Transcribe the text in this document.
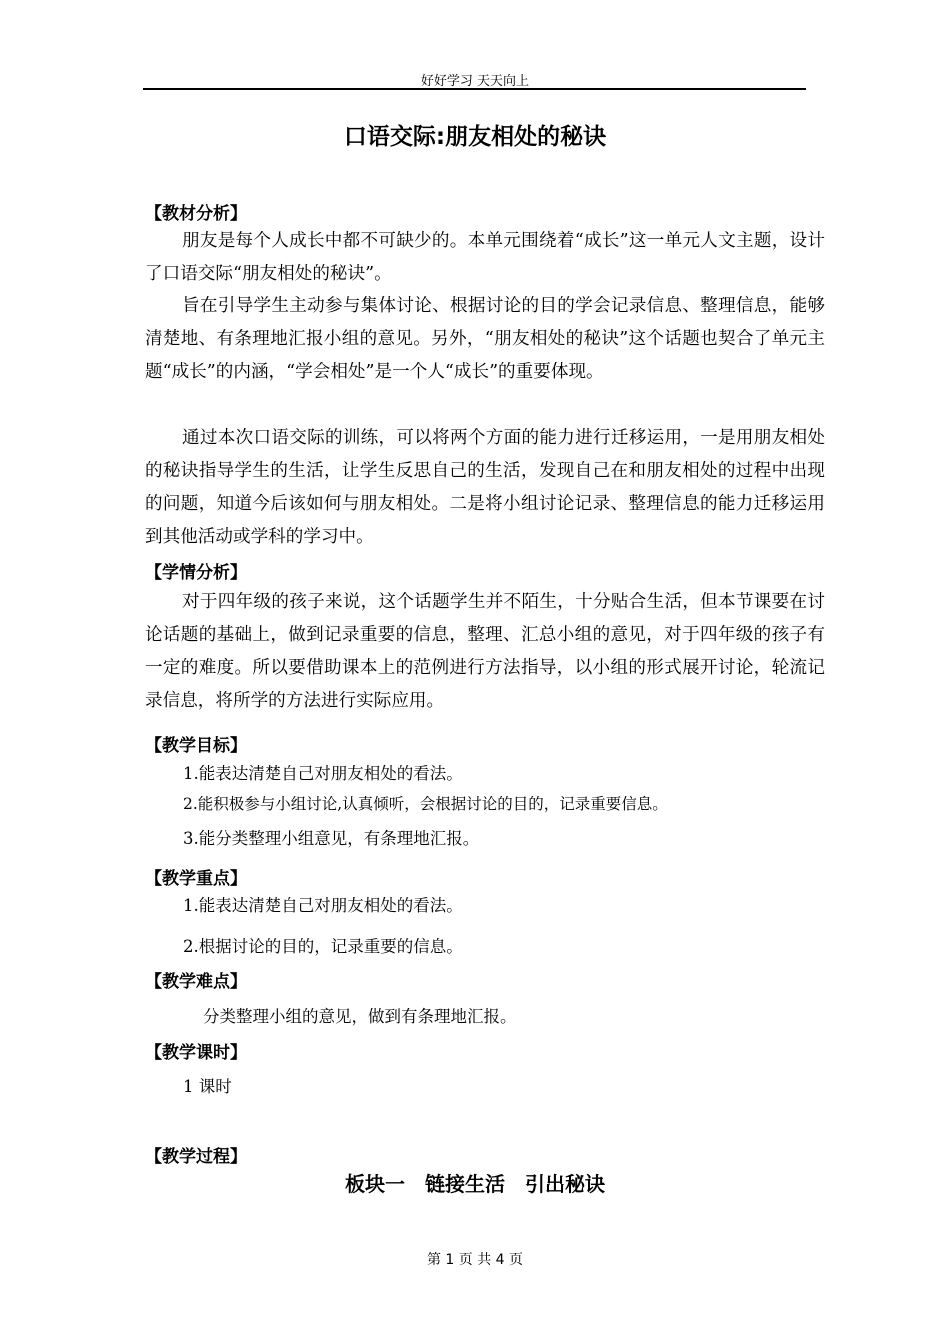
好好学习 天天向上
口语交际:朋友相处的秘诀
【教材分析】

朋友是每个人成长中都不可缺少的。本单元围绕着“成长”这一单元人文主题，设计了口语交际“朋友相处的秘诀”。

旨在引导学生主动参与集体讨论、根据讨论的目的学会记录信息、整理信息，能够清楚地、有条理地汇报小组的意见。另外，“朋友相处的秘诀”这个话题也契合了单元主题“成长”的内涵，“学会相处”是一个人“成长”的重要体现。

通过本次口语交际的训练，可以将两个方面的能力进行迁移运用，一是用朋友相处的秘诀指导学生的生活，让学生反思自己的生活，发现自己在和朋友相处的过程中出现的问题，知道今后该如何与朋友相处。二是将小组讨论记录、整理信息的能力迁移运用到其他活动或学科的学习中。

【学情分析】

对于四年级的孩子来说，这个话题学生并不陌生，十分贴合生活，但本节课要在讨论话题的基础上，做到记录重要的信息，整理、汇总小组的意见，对于四年级的孩子有一定的难度。所以要借助课本上的范例进行方法指导，以小组的形式展开讨论，轮流记录信息，将所学的方法进行实际应用。

【教学目标】
1.能表达清楚自己对朋友相处的看法。
2.能积极参与小组讨论,认真倾听，会根据讨论的目的，记录重要信息。
3.能分类整理小组意见，有条理地汇报。
【教学重点】
1.能表达清楚自己对朋友相处的看法。
2.根据讨论的目的，记录重要的信息。
【教学难点】
分类整理小组的意见，做到有条理地汇报。
【教学课时】
1 课时
【教学过程】
板块一　链接生活　引出秘诀
第 1 页 共 4 页
